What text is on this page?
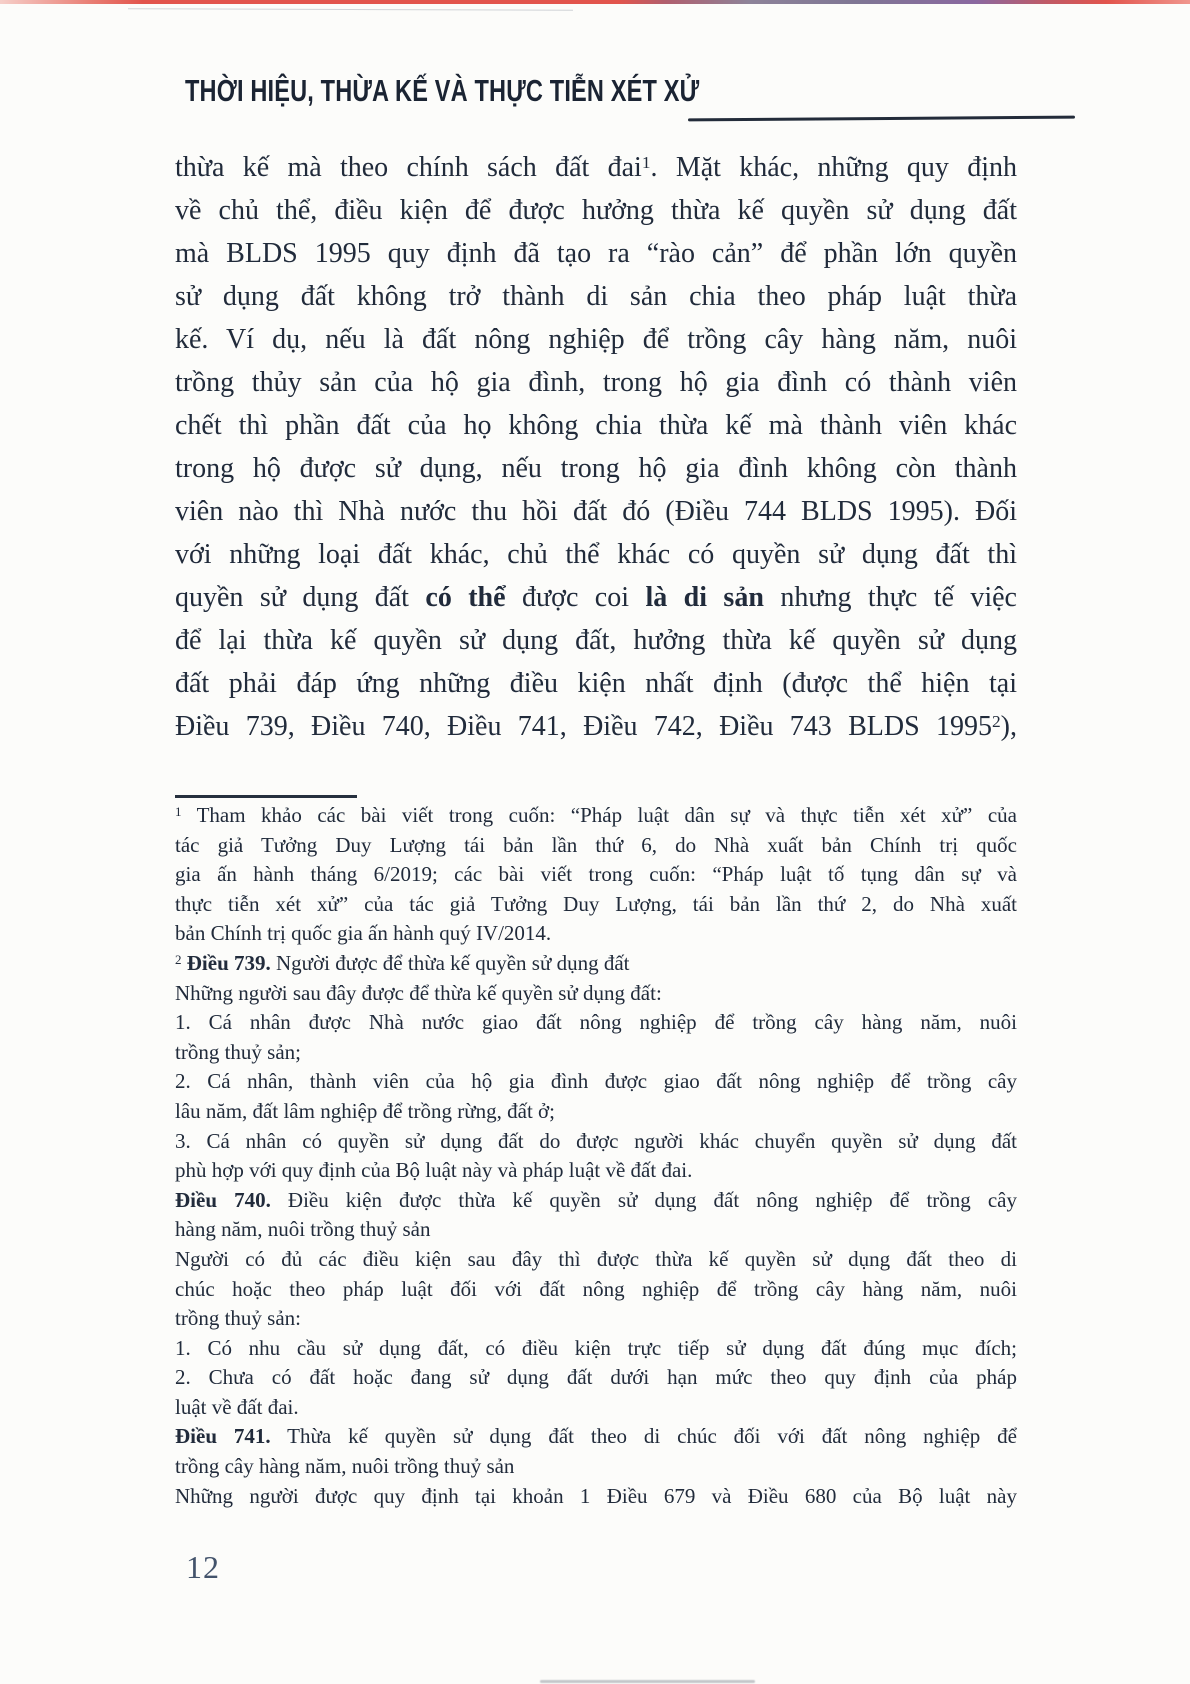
THỜI HIỆU, THỪA KẾ VÀ THỰC TIỄN XÉT XỬ
thừa kế mà theo chính sách đất đai$^1$. Mặt khác, những quy định
về chủ thể, điều kiện để được hưởng thừa kế quyền sử dụng đất
mà BLDS 1995 quy định đã tạo ra “rào cản” để phần lớn quyền
sử dụng đất không trở thành di sản chia theo pháp luật thừa
kế. Ví dụ, nếu là đất nông nghiệp để trồng cây hàng năm, nuôi
trồng thủy sản của hộ gia đình, trong hộ gia đình có thành viên
chết thì phần đất của họ không chia thừa kế mà thành viên khác
trong hộ được sử dụng, nếu trong hộ gia đình không còn thành
viên nào thì Nhà nước thu hồi đất đó (Điều 744 BLDS 1995). Đối
với những loại đất khác, chủ thể khác có quyền sử dụng đất thì
quyền sử dụng đất có thể được coi là di sản nhưng thực tế việc
để lại thừa kế quyền sử dụng đất, hưởng thừa kế quyền sử dụng
đất phải đáp ứng những điều kiện nhất định (được thể hiện tại
Điều 739, Điều 740, Điều 741, Điều 742, Điều 743 BLDS 1995$^2$),
$^1$ Tham khảo các bài viết trong cuốn: “Pháp luật dân sự và thực tiễn xét xử” của
tác giả Tưởng Duy Lượng tái bản lần thứ 6, do Nhà xuất bản Chính trị quốc
gia ấn hành tháng 6/2019; các bài viết trong cuốn: “Pháp luật tố tụng dân sự và
thực tiễn xét xử” của tác giả Tưởng Duy Lượng, tái bản lần thứ 2, do Nhà xuất
bản Chính trị quốc gia ấn hành quý IV/2014.
$^2$ Điều 739. Người được để thừa kế quyền sử dụng đất
Những người sau đây được để thừa kế quyền sử dụng đất:
1. Cá nhân được Nhà nước giao đất nông nghiệp để trồng cây hàng năm, nuôi
trồng thuỷ sản;
2. Cá nhân, thành viên của hộ gia đình được giao đất nông nghiệp để trồng cây
lâu năm, đất lâm nghiệp để trồng rừng, đất ở;
3. Cá nhân có quyền sử dụng đất do được người khác chuyển quyền sử dụng đất
phù hợp với quy định của Bộ luật này và pháp luật về đất đai.
Điều 740. Điều kiện được thừa kế quyền sử dụng đất nông nghiệp để trồng cây
hàng năm, nuôi trồng thuỷ sản
Người có đủ các điều kiện sau đây thì được thừa kế quyền sử dụng đất theo di
chúc hoặc theo pháp luật đối với đất nông nghiệp để trồng cây hàng năm, nuôi
trồng thuỷ sản:
1. Có nhu cầu sử dụng đất, có điều kiện trực tiếp sử dụng đất đúng mục đích;
2. Chưa có đất hoặc đang sử dụng đất dưới hạn mức theo quy định của pháp
luật về đất đai.
Điều 741. Thừa kế quyền sử dụng đất theo di chúc đối với đất nông nghiệp để
trồng cây hàng năm, nuôi trồng thuỷ sản
Những người được quy định tại khoản 1 Điều 679 và Điều 680 của Bộ luật này
12
